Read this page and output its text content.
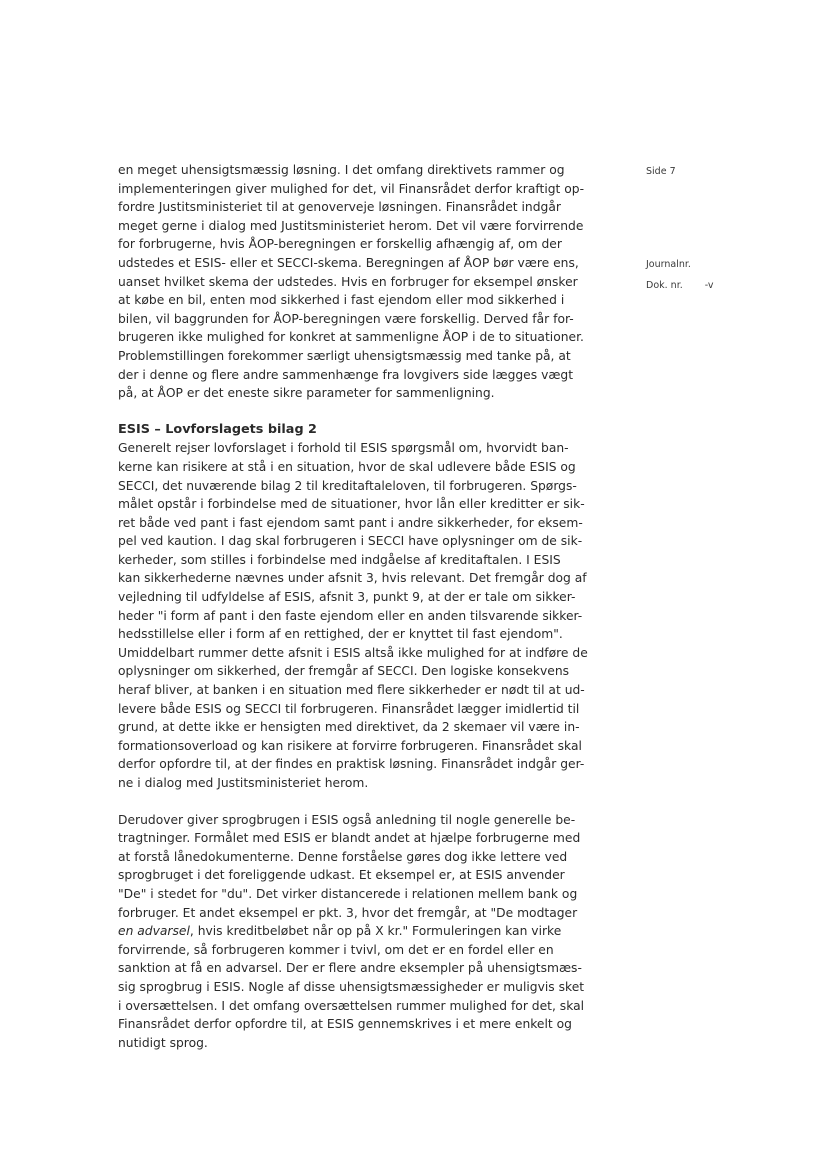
Side 7
Journalnr.
Dok. nr. -v
en meget uhensigtsmæssig løsning. I det omfang direktivets rammer og
implementeringen giver mulighed for det, vil Finansrådet derfor kraftigt op-
fordre Justitsministeriet til at genoverveje løsningen. Finansrådet indgår
meget gerne i dialog med Justitsministeriet herom. Det vil være forvirrende
for forbrugerne, hvis ÅOP-beregningen er forskellig afhængig af, om der
udstedes et ESIS- eller et SECCI-skema. Beregningen af ÅOP bør være ens,
uanset hvilket skema der udstedes. Hvis en forbruger for eksempel ønsker
at købe en bil, enten mod sikkerhed i fast ejendom eller mod sikkerhed i
bilen, vil baggrunden for ÅOP-beregningen være forskellig. Derved får for-
brugeren ikke mulighed for konkret at sammenligne ÅOP i de to situationer.
Problemstillingen forekommer særligt uhensigtsmæssig med tanke på, at
der i denne og flere andre sammenhænge fra lovgivers side lægges vægt
på, at ÅOP er det eneste sikre parameter for sammenligning.
ESIS – Lovforslagets bilag 2
Generelt rejser lovforslaget i forhold til ESIS spørgsmål om, hvorvidt ban-
kerne kan risikere at stå i en situation, hvor de skal udlevere både ESIS og
SECCI, det nuværende bilag 2 til kreditaftaleloven, til forbrugeren. Spørgs-
målet opstår i forbindelse med de situationer, hvor lån eller kreditter er sik-
ret både ved pant i fast ejendom samt pant i andre sikkerheder, for eksem-
pel ved kaution. I dag skal forbrugeren i SECCI have oplysninger om de sik-
kerheder, som stilles i forbindelse med indgåelse af kreditaftalen. I ESIS
kan sikkerhederne nævnes under afsnit 3, hvis relevant. Det fremgår dog af
vejledning til udfyldelse af ESIS, afsnit 3, punkt 9, at der er tale om sikker-
heder "i form af pant i den faste ejendom eller en anden tilsvarende sikker-
hedsstillelse eller i form af en rettighed, der er knyttet til fast ejendom".
Umiddelbart rummer dette afsnit i ESIS altså ikke mulighed for at indføre de
oplysninger om sikkerhed, der fremgår af SECCI. Den logiske konsekvens
heraf bliver, at banken i en situation med flere sikkerheder er nødt til at ud-
levere både ESIS og SECCI til forbrugeren. Finansrådet lægger imidlertid til
grund, at dette ikke er hensigten med direktivet, da 2 skemaer vil være in-
formationsoverload og kan risikere at forvirre forbrugeren. Finansrådet skal
derfor opfordre til, at der findes en praktisk løsning. Finansrådet indgår ger-
ne i dialog med Justitsministeriet herom.
Derudover giver sprogbrugen i ESIS også anledning til nogle generelle be-
tragtninger. Formålet med ESIS er blandt andet at hjælpe forbrugerne med
at forstå lånedokumenterne. Denne forståelse gøres dog ikke lettere ved
sprogbruget i det foreliggende udkast. Et eksempel er, at ESIS anvender
"De" i stedet for "du". Det virker distancerede i relationen mellem bank og
forbruger. Et andet eksempel er pkt. 3, hvor det fremgår, at "De modtager
en advarsel, hvis kreditbeløbet når op på X kr." Formuleringen kan virke
forvirrende, så forbrugeren kommer i tvivl, om det er en fordel eller en
sanktion at få en advarsel. Der er flere andre eksempler på uhensigtsmæs-
sig sprogbrug i ESIS. Nogle af disse uhensigtsmæssigheder er muligvis sket
i oversættelsen. I det omfang oversættelsen rummer mulighed for det, skal
Finansrådet derfor opfordre til, at ESIS gennemskrives i et mere enkelt og
nutidigt sprog.
